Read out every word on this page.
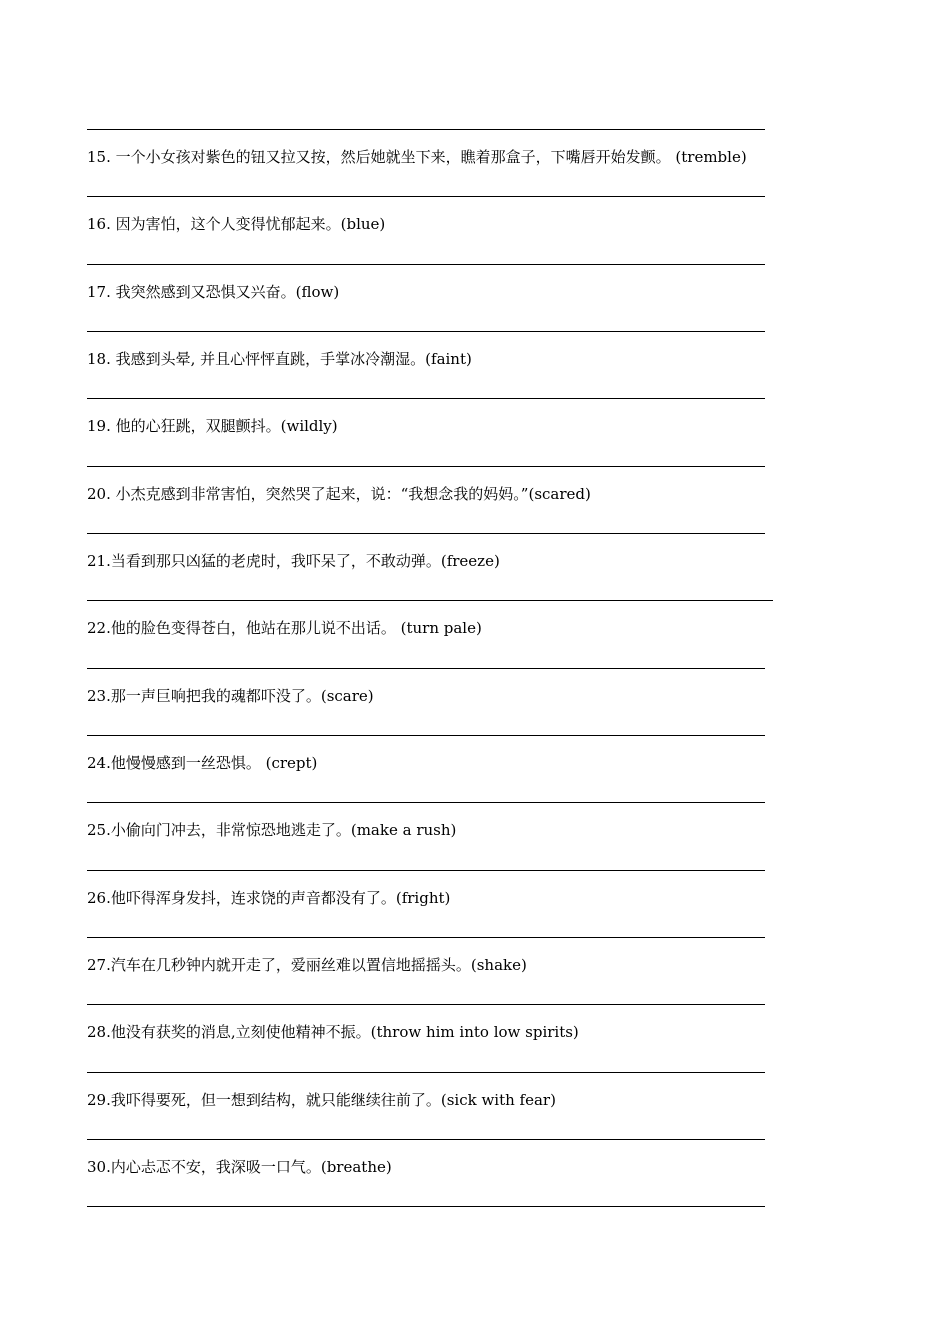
15. 一个小女孩对紫色的钮又拉又按，然后她就坐下来，瞧着那盒子，下嘴唇开始发颤。 (tremble)
16. 因为害怕，这个人变得忧郁起来。(blue)
17. 我突然感到又恐惧又兴奋。(flow)
18. 我感到头晕, 并且心怦怦直跳，手掌冰冷潮湿。(faint)
19. 他的心狂跳，双腿颤抖。(wildly)
20. 小杰克感到非常害怕，突然哭了起来，说：“我想念我的妈妈。”(scared)
21.当看到那只凶猛的老虎时，我吓呆了，不敢动弹。(freeze)
22.他的脸色变得苍白，他站在那儿说不出话。 (turn pale)
23.那一声巨响把我的魂都吓没了。(scare)
24.他慢慢感到一丝恐惧。 (crept)
25.小偷向门冲去，非常惊恐地逃走了。(make a rush)
26.他吓得浑身发抖，连求饶的声音都没有了。(fright)
27.汽车在几秒钟内就开走了，爱丽丝难以置信地摇摇头。(shake)
28.他没有获奖的消息,立刻使他精神不振。(throw him into low spirits)
29.我吓得要死，但一想到结构，就只能继续往前了。(sick with fear)
30.内心忐忑不安，我深吸一口气。(breathe)
